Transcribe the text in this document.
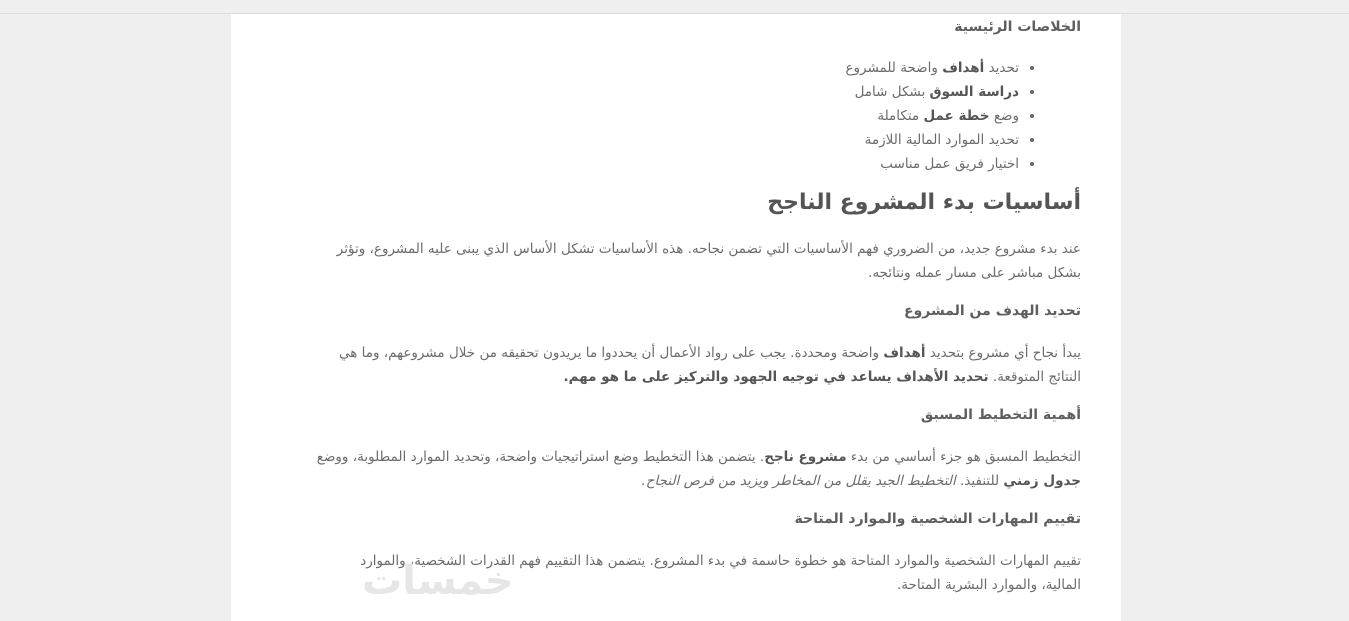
الخلاصات الرئيسية
• تحديد أهداف واضحة للمشروع
• دراسة السوق بشكل شامل
• وضع خطة عمل متكاملة
• تحديد الموارد المالية اللازمة
• اختيار فريق عمل مناسب
أساسيات بدء المشروع الناجح
عند بدء مشروع جديد، من الضروري فهم الأساسيات التي تضمن نجاحه. هذه الأساسيات تشكل الأساس الذي يبنى عليه المشروع، وتؤثر
بشكل مباشر على مسار عمله ونتائجه.
تحديد الهدف من المشروع
يبدأ نجاح أي مشروع بتحديد أهداف واضحة ومحددة. يجب على رواد الأعمال أن يحددوا ما يريدون تحقيقه من خلال مشروعهم، وما هي
النتائج المتوقعة. تحديد الأهداف يساعد في توجيه الجهود والتركيز على ما هو مهم.
أهمية التخطيط المسبق
التخطيط المسبق هو جزء أساسي من بدء مشروع ناجح. يتضمن هذا التخطيط وضع استراتيجيات واضحة، وتحديد الموارد المطلوبة، ووضع
جدول زمني للتنفيذ. التخطيط الجيد يقلل من المخاطر ويزيد من فرص النجاح.
تقييم المهارات الشخصية والموارد المتاحة
تقييم المهارات الشخصية والموارد المتاحة هو خطوة حاسمة في بدء المشروع. يتضمن هذا التقييم فهم القدرات الشخصية، والموارد
المالية، والموارد البشرية المتاحة.
خمسات
